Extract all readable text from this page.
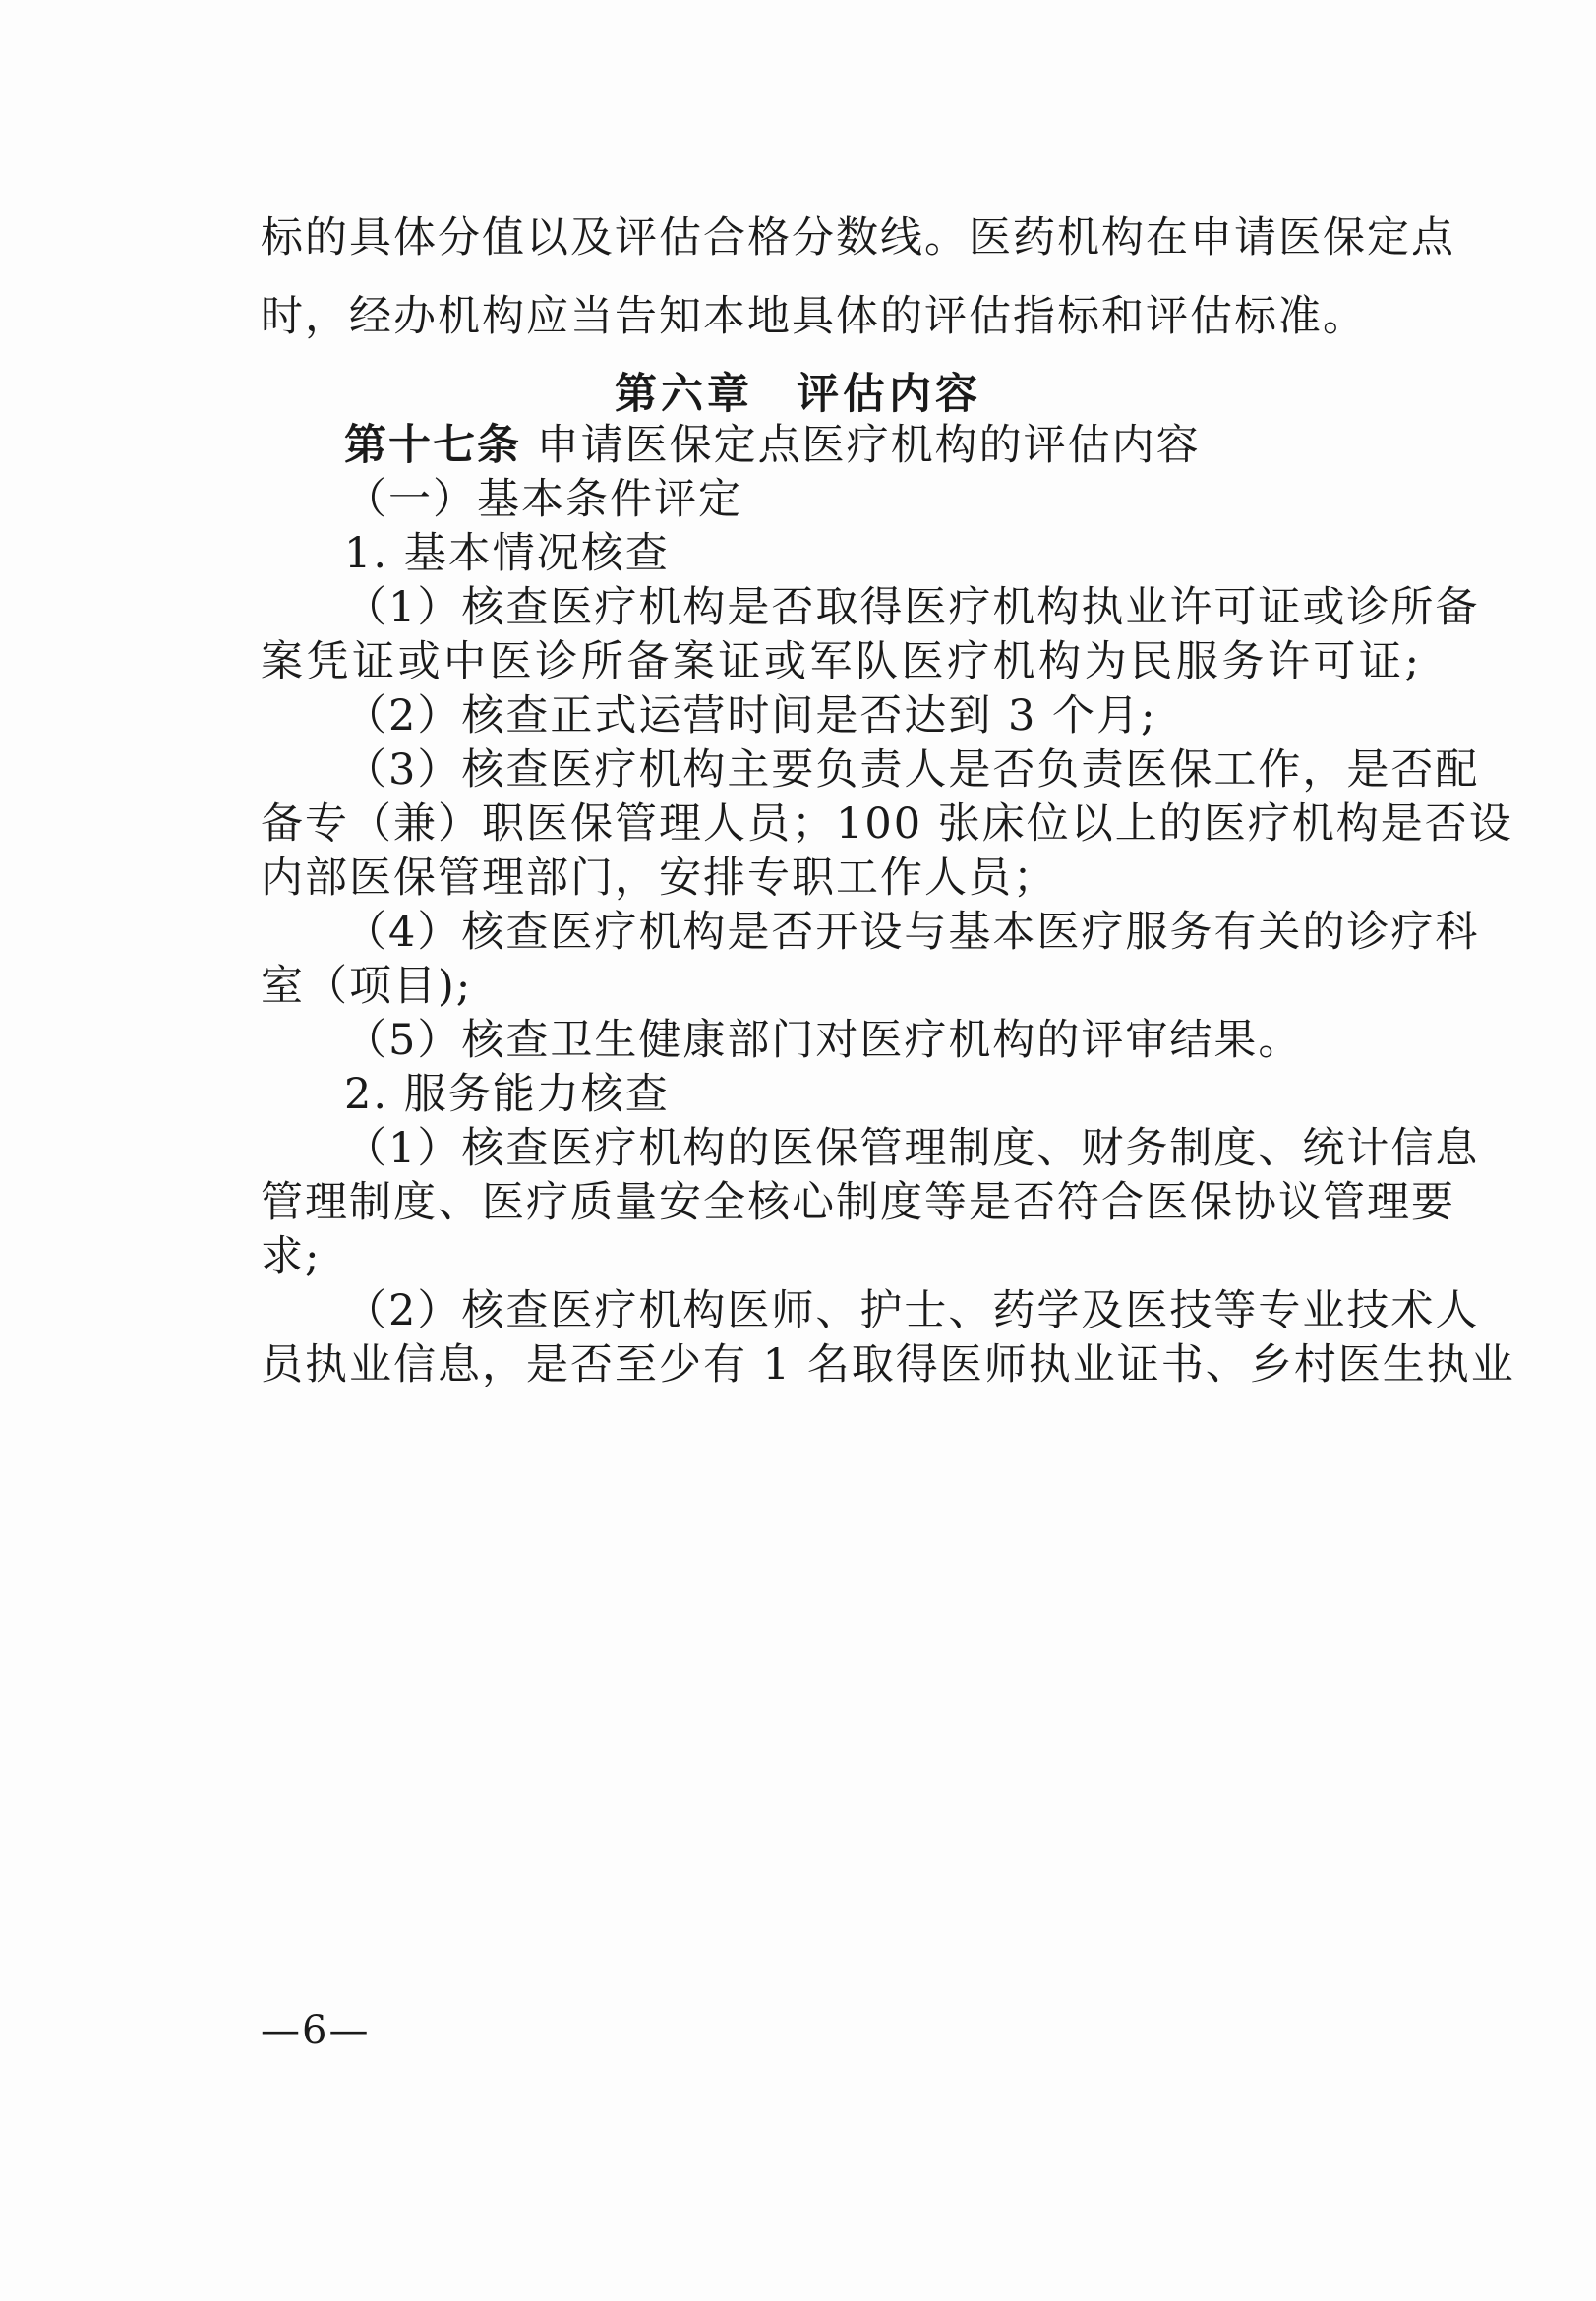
标的具体分值以及评估合格分数线。医药机构在申请医保定点
时，经办机构应当告知本地具体的评估指标和评估标准。
第六章 评估内容
第十七条 申请医保定点医疗机构的评估内容
（一）基本条件评定
1. 基本情况核查
（1）核查医疗机构是否取得医疗机构执业许可证或诊所备
案凭证或中医诊所备案证或军队医疗机构为民服务许可证;
（2）核查正式运营时间是否达到 3 个月;
（3）核查医疗机构主要负责人是否负责医保工作，是否配
备专（兼）职医保管理人员；100 张床位以上的医疗机构是否设
内部医保管理部门，安排专职工作人员；
（4）核查医疗机构是否开设与基本医疗服务有关的诊疗科
室（项目);
（5）核查卫生健康部门对医疗机构的评审结果。
2. 服务能力核查
（1）核查医疗机构的医保管理制度、财务制度、统计信息
管理制度、医疗质量安全核心制度等是否符合医保协议管理要
求;
（2）核查医疗机构医师、护士、药学及医技等专业技术人
员执业信息，是否至少有 1 名取得医师执业证书、乡村医生执业
—6—
